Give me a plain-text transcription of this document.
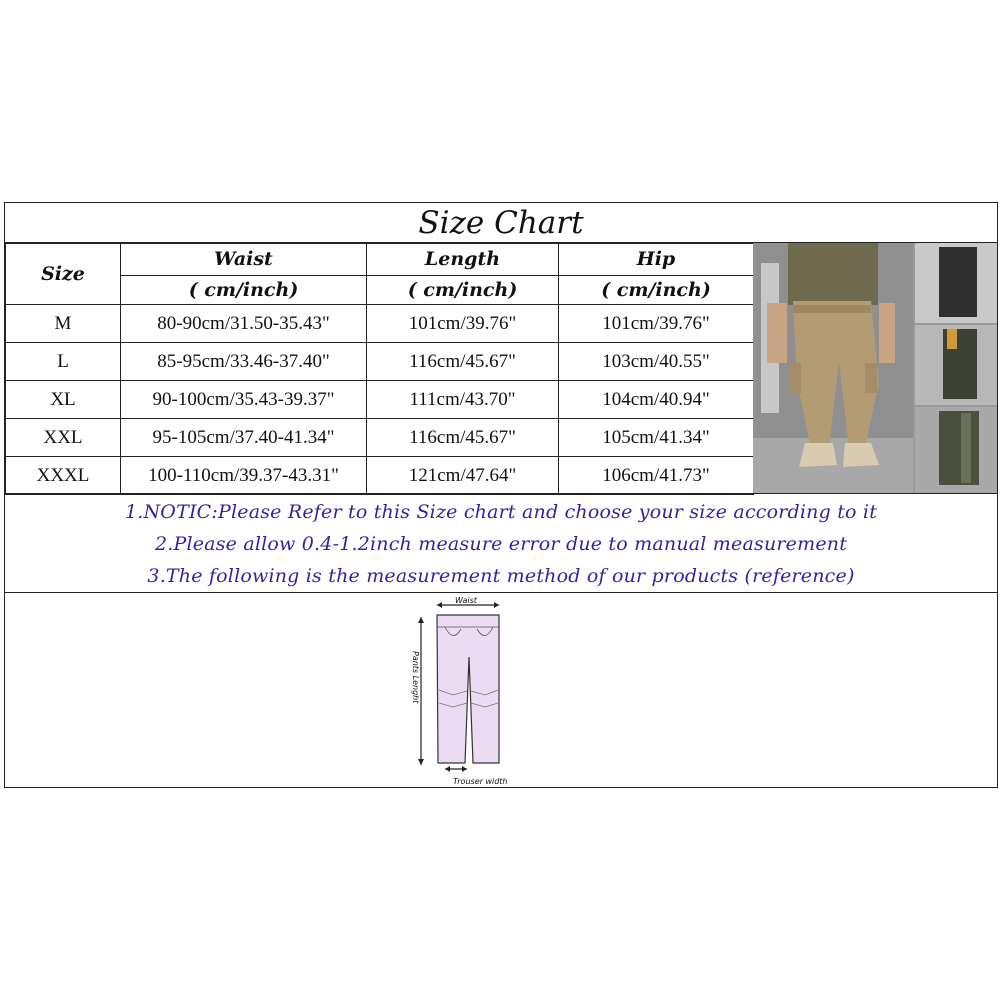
Size Chart
Size	Waist	Length	Hip
	( cm/inch)	( cm/inch)	( cm/inch)
M	80-90cm/31.50-35.43"	101cm/39.76"	101cm/39.76"
L	85-95cm/33.46-37.40"	116cm/45.67"	103cm/40.55"
XL	90-100cm/35.43-39.37"	111cm/43.70"	104cm/40.94"
XXL	95-105cm/37.40-41.34"	116cm/45.67"	105cm/41.34"
XXXL	100-110cm/39.37-43.31"	121cm/47.64"	106cm/41.73"
1.NOTIC:Please Refer to this Size chart and choose your size according to it
2.Please allow 0.4-1.2inch measure error due to manual measurement
3.The following is the measurement method of our products (reference)
Waist
Pants Lenght
Trouser width
